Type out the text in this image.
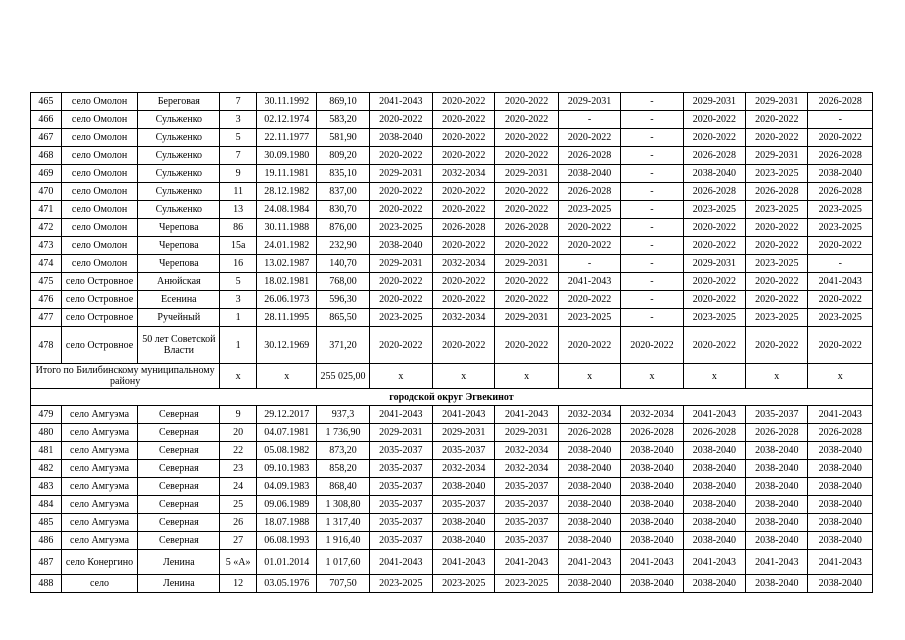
465	село Омолон	Береговая	7	30.11.1992	869,10	2041-2043	2020-2022	2020-2022	2029-2031	-	2029-2031	2029-2031	2026-2028
466	село Омолон	Сульженко	3	02.12.1974	583,20	2020-2022	2020-2022	2020-2022	-	-	2020-2022	2020-2022	-
467	село Омолон	Сульженко	5	22.11.1977	581,90	2038-2040	2020-2022	2020-2022	2020-2022	-	2020-2022	2020-2022	2020-2022
468	село Омолон	Сульженко	7	30.09.1980	809,20	2020-2022	2020-2022	2020-2022	2026-2028	-	2026-2028	2029-2031	2026-2028
469	село Омолон	Сульженко	9	19.11.1981	835,10	2029-2031	2032-2034	2029-2031	2038-2040	-	2038-2040	2023-2025	2038-2040
470	село Омолон	Сульженко	11	28.12.1982	837,00	2020-2022	2020-2022	2020-2022	2026-2028	-	2026-2028	2026-2028	2026-2028
471	село Омолон	Сульженко	13	24.08.1984	830,70	2020-2022	2020-2022	2020-2022	2023-2025	-	2023-2025	2023-2025	2023-2025
472	село Омолон	Черепова	86	30.11.1988	876,00	2023-2025	2026-2028	2026-2028	2020-2022	-	2020-2022	2020-2022	2023-2025
473	село Омолон	Черепова	15а	24.01.1982	232,90	2038-2040	2020-2022	2020-2022	2020-2022	-	2020-2022	2020-2022	2020-2022
474	село Омолон	Черепова	16	13.02.1987	140,70	2029-2031	2032-2034	2029-2031	-	-	2029-2031	2023-2025	-
475	село Островное	Анюйская	5	18.02.1981	768,00	2020-2022	2020-2022	2020-2022	2041-2043	-	2020-2022	2020-2022	2041-2043
476	село Островное	Есенина	3	26.06.1973	596,30	2020-2022	2020-2022	2020-2022	2020-2022	-	2020-2022	2020-2022	2020-2022
477	село Островное	Ручейный	1	28.11.1995	865,50	2023-2025	2032-2034	2029-2031	2023-2025	-	2023-2025	2023-2025	2023-2025
478	село Островное	50 лет Советской Власти	1	30.12.1969	371,20	2020-2022	2020-2022	2020-2022	2020-2022	2020-2022	2020-2022	2020-2022	2020-2022
Итого по Билибинскому муниципальному району			х	х	255 025,00	х	х	х	х	х	х	х	х
городской округ Эгвекинот													
479	село Амгуэма	Северная	9	29.12.2017	937,3	2041-2043	2041-2043	2041-2043	2032-2034	2032-2034	2041-2043	2035-2037	2041-2043
480	село Амгуэма	Северная	20	04.07.1981	1 736,90	2029-2031	2029-2031	2029-2031	2026-2028	2026-2028	2026-2028	2026-2028	2026-2028
481	село Амгуэма	Северная	22	05.08.1982	873,20	2035-2037	2035-2037	2032-2034	2038-2040	2038-2040	2038-2040	2038-2040	2038-2040
482	село Амгуэма	Северная	23	09.10.1983	858,20	2035-2037	2032-2034	2032-2034	2038-2040	2038-2040	2038-2040	2038-2040	2038-2040
483	село Амгуэма	Северная	24	04.09.1983	868,40	2035-2037	2038-2040	2035-2037	2038-2040	2038-2040	2038-2040	2038-2040	2038-2040
484	село Амгуэма	Северная	25	09.06.1989	1 308,80	2035-2037	2035-2037	2035-2037	2038-2040	2038-2040	2038-2040	2038-2040	2038-2040
485	село Амгуэма	Северная	26	18.07.1988	1 317,40	2035-2037	2038-2040	2035-2037	2038-2040	2038-2040	2038-2040	2038-2040	2038-2040
486	село Амгуэма	Северная	27	06.08.1993	1 916,40	2035-2037	2038-2040	2035-2037	2038-2040	2038-2040	2038-2040	2038-2040	2038-2040
487	село Конергино	Ленина	5 «А»	01.01.2014	1 017,60	2041-2043	2041-2043	2041-2043	2041-2043	2041-2043	2041-2043	2041-2043	2041-2043
488	село	Ленина	12	03.05.1976	707,50	2023-2025	2023-2025	2023-2025	2038-2040	2038-2040	2038-2040	2038-2040	2038-2040
